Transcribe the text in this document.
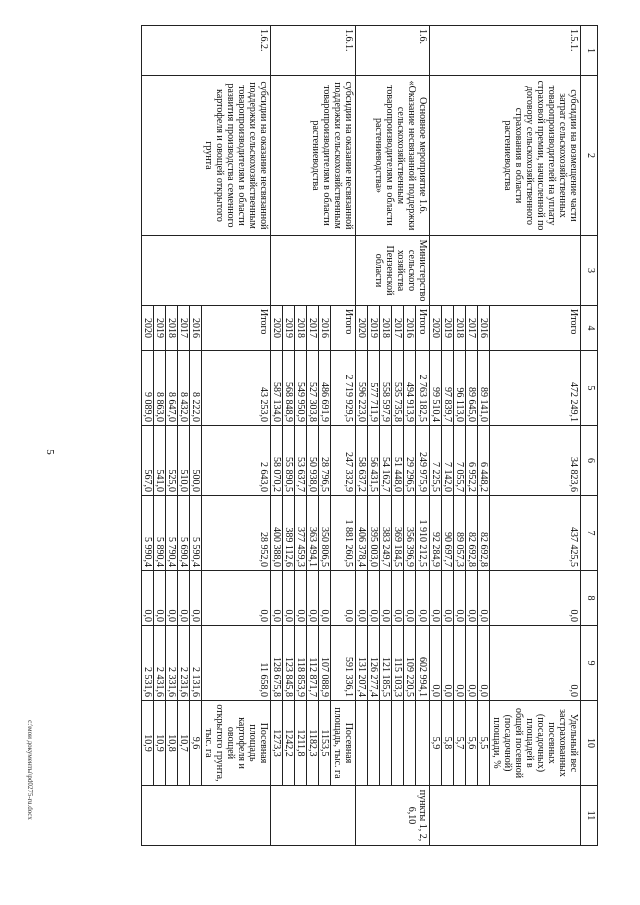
5
c:\мои документы\pd0275-ru.docx
1	2	3	4	5	6	7	8	9	10	11
1.5.1.	субсидии на возмещение части затрат сельскохозяйственных товаропроизводителей на уплату страховой премии, начисленной по договору сельскохозяйственного страхования в области растениеводства		Итого	472 249,1	34 823,6	437 425,5	0,0	0,0	Удельный вес застрахованных посевных (посадочных) площадей в общей посевной (посадочной) площади, %	
			2016	89 141,0	6 448,2	82 692,8	0,0	0,0	5,5	
			2017	89 645,0	6 952,2	82 692,8	0,0	0,0	5,6	
			2018	96 113,0	7 055,7	89 057,3	0,0	0,0	5,7	
			2019	97 839,7	7 142,0	90 697,7	0,0	0,0	5,8	
			2020	99 510,4	7 225,5	92 284,9	0,0	0,0	5,9	
1.6.	Основное мероприятие 1.6. «Оказание несвязанной поддержки сельскохозяйственным товаропроизводителям в области растениеводства»	Министерство сельского хозяйства Пензенской области	Итого	2 763 182,5	249 975,9	1 910 212,5	0,0	602 994,1		пункты 1, 2, 6,10
			2016	494 913,9	29 296,5	356 396,9	0,0	109 220,5		
			2017	535 735,8	51 448,0	369 184,5	0,0	115 103,3		
			2018	558 597,9	54 162,7	383 249,7	0,0	121 185,5		
			2019	577 711,9	56 431,5	395 003,0	0,0	126 277,4		
			2020	596 223,0	58 637,2	406 378,4	0,0	131 207,4		
1.6.1.	субсидии на оказание несвязанной поддержки сельскохозяйственным товаропроизводителям в области растениеводства		Итого	2 719 929,5	247 332,9	1 881 260,5	0,0	591 336,1	Посевная площадь, тыс. га	
			2016	486 691,9	28 796,5	350 806,5	0,0	107 088,9	1153,5	
			2017	527 303,8	50 938,0	363 494,1	0,0	112 871,7	1182,3	
			2018	549 950,9	53 637,7	377 459,3	0,0	118 853,9	1211,8	
			2019	568 848,9	55 890,5	389 112,6	0,0	123 845,8	1242,2	
			2020	587 134,0	58 070,2	400 388,0	0,0	128 675,8	1273,3	
1.6.2.	субсидии на оказание несвязанной поддержки сельскохозяйственным товаропроизводителям в области развития производства семенного картофеля и овощей открытого грунта		Итого	43 253,0	2 643,0	28 952,0	0,0	11 658,0	Посевная площадь картофеля и овощей открытого грунта, тыс. га	
			2016	8 222,0	500,0	5 590,4	0,0	2 131,6	9,6	
			2017	8 432,0	510,0	5 690,4	0,0	2 231,6	10,7	
			2018	8 647,0	525,0	5 790,4	0,0	2 331,6	10,8	
			2019	8 863,0	541,0	5 890,4	0,0	2 431,6	10,9	
			2020	9 089,0	567,0	5 990,4	0,0	2 531,6	10,9	
